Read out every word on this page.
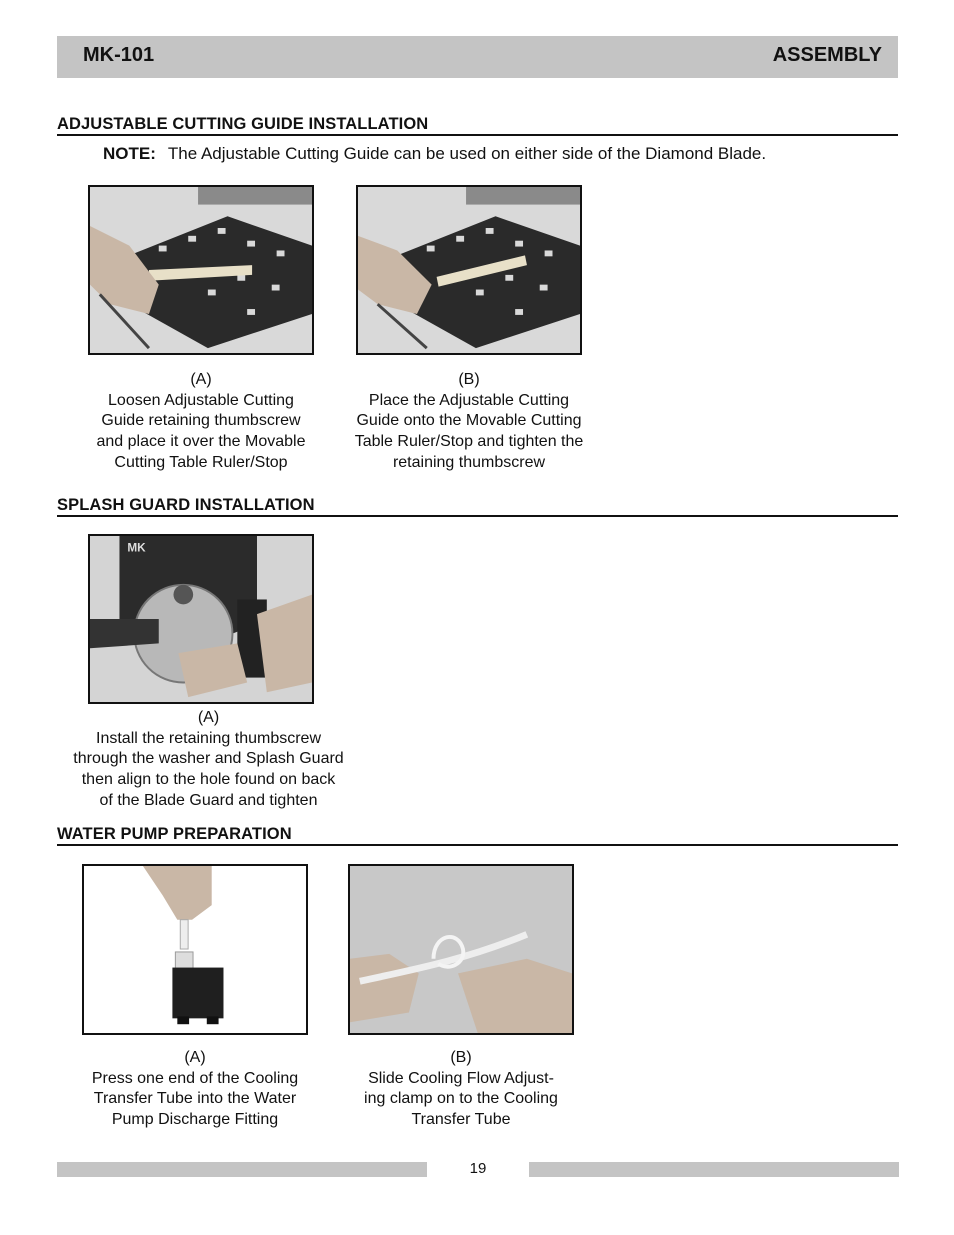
MK-101	ASSEMBLY
ADJUSTABLE CUTTING GUIDE INSTALLATION
NOTE: The Adjustable Cutting Guide can be used on either side of the Diamond Blade.
(A)
Loosen Adjustable Cutting
Guide retaining thumbscrew
and place it over the Movable
Cutting Table Ruler/Stop
(B)
Place the Adjustable Cutting
Guide onto the Movable Cutting
Table Ruler/Stop and tighten the
retaining thumbscrew
SPLASH GUARD INSTALLATION
MK
(A)
Install the retaining thumbscrew
through the washer and Splash Guard
then align to the hole found on back
of the Blade Guard and tighten
WATER PUMP PREPARATION
(A)
Press one end of the Cooling
Transfer Tube into the Water
Pump Discharge Fitting
(B)
Slide Cooling Flow Adjust-
ing clamp on to the Cooling
Transfer Tube
19
